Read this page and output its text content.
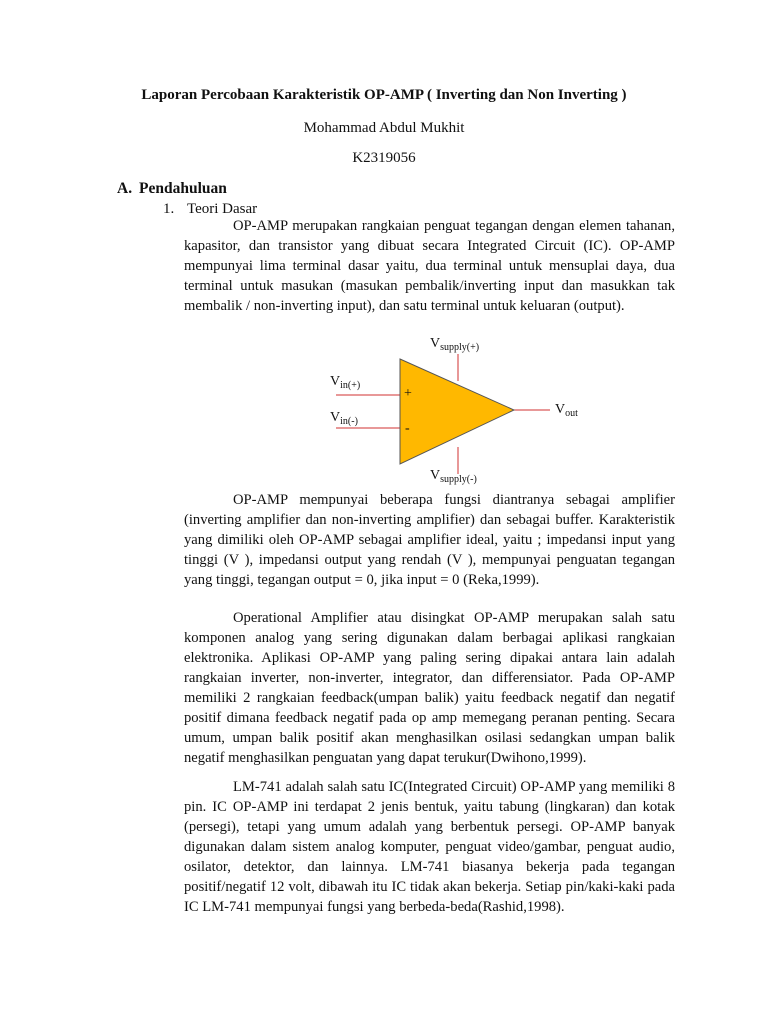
Laporan Percobaan Karakteristik OP-AMP ( Inverting dan Non Inverting )
Mohammad Abdul Mukhit
K2319056
A. Pendahuluan
1. Teori Dasar

OP-AMP merupakan rangkaian penguat tegangan dengan elemen tahanan, kapasitor, dan transistor yang dibuat secara Integrated Circuit (IC). OP-AMP mempunyai lima terminal dasar yaitu, dua terminal untuk mensuplai daya, dua terminal untuk masukan (masukan pembalik/inverting input dan masukkan tak membalik / non-inverting input), dan satu terminal untuk keluaran (output).

$V_{supply(+)}$
$V_{in(+)}$
$V_{in(-)}$
$V_{out}$
$V_{supply(-)}$
+
-

OP-AMP mempunyai beberapa fungsi diantranya sebagai amplifier (inverting amplifier dan non-inverting amplifier) dan sebagai buffer. Karakteristik yang dimiliki oleh OP-AMP sebagai amplifier ideal, yaitu ; impedansi input yang tinggi (V ), impedansi output yang rendah (V ), mempunyai penguatan tegangan yang tinggi, tegangan output = 0, jika input = 0 (Reka,1999).

Operational Amplifier atau disingkat OP-AMP merupakan salah satu komponen analog yang sering digunakan dalam berbagai aplikasi rangkaian elektronika. Aplikasi OP-AMP yang paling sering dipakai antara lain adalah rangkaian inverter, non-inverter, integrator, dan differensiator. Pada OP-AMP memiliki 2 rangkaian feedback(umpan balik) yaitu feedback negatif dan negatif positif dimana feedback negatif pada op amp memegang peranan penting. Secara umum, umpan balik positif akan menghasilkan osilasi sedangkan umpan balik negatif menghasilkan penguatan yang dapat terukur(Dwihono,1999).

LM-741 adalah salah satu IC(Integrated Circuit) OP-AMP yang memiliki 8 pin. IC OP-AMP ini terdapat 2 jenis bentuk, yaitu tabung (lingkaran) dan kotak (persegi), tetapi yang umum adalah yang berbentuk persegi. OP-AMP banyak digunakan dalam sistem analog komputer, penguat video/gambar, penguat audio, osilator, detektor, dan lainnya. LM-741 biasanya bekerja pada tegangan positif/negatif 12 volt, dibawah itu IC tidak akan bekerja. Setiap pin/kaki-kaki pada IC LM-741 mempunyai fungsi yang berbeda-beda(Rashid,1998).
